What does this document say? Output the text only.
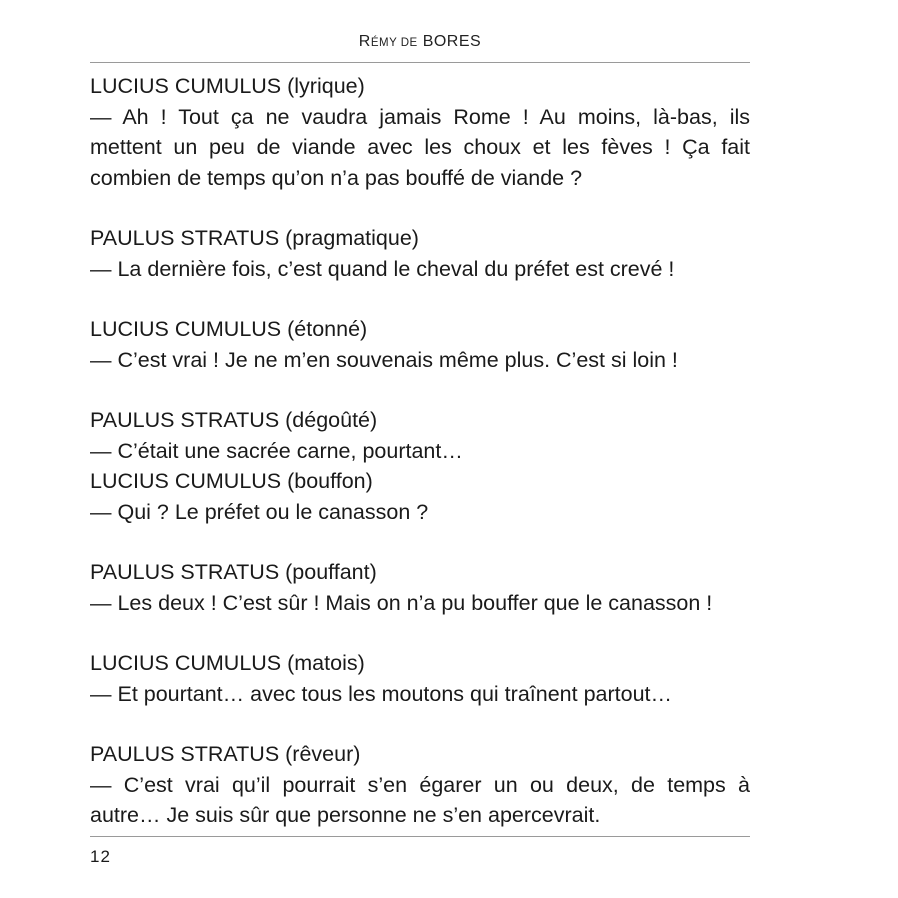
RÉMY DE BORES
LUCIUS CUMULUS (lyrique)
— Ah ! Tout ça ne vaudra jamais Rome ! Au moins, là-bas, ils
mettent un peu de viande avec les choux et les fèves ! Ça fait
combien de temps qu’on n’a pas bouffé de viande ?
PAULUS STRATUS (pragmatique)
— La dernière fois, c’est quand le cheval du préfet est crevé !
LUCIUS CUMULUS (étonné)
— C’est vrai ! Je ne m’en souvenais même plus. C’est si loin !
PAULUS STRATUS (dégoûté)
— C’était une sacrée carne, pourtant…
LUCIUS CUMULUS (bouffon)
— Qui ? Le préfet ou le canasson ?
PAULUS STRATUS (pouffant)
— Les deux ! C’est sûr ! Mais on n’a pu bouffer que le canasson !
LUCIUS CUMULUS (matois)
— Et pourtant… avec tous les moutons qui traînent partout…
PAULUS STRATUS (rêveur)
— C’est vrai qu’il pourrait s’en égarer un ou deux, de temps à
autre… Je suis sûr que personne ne s’en apercevrait.
12
